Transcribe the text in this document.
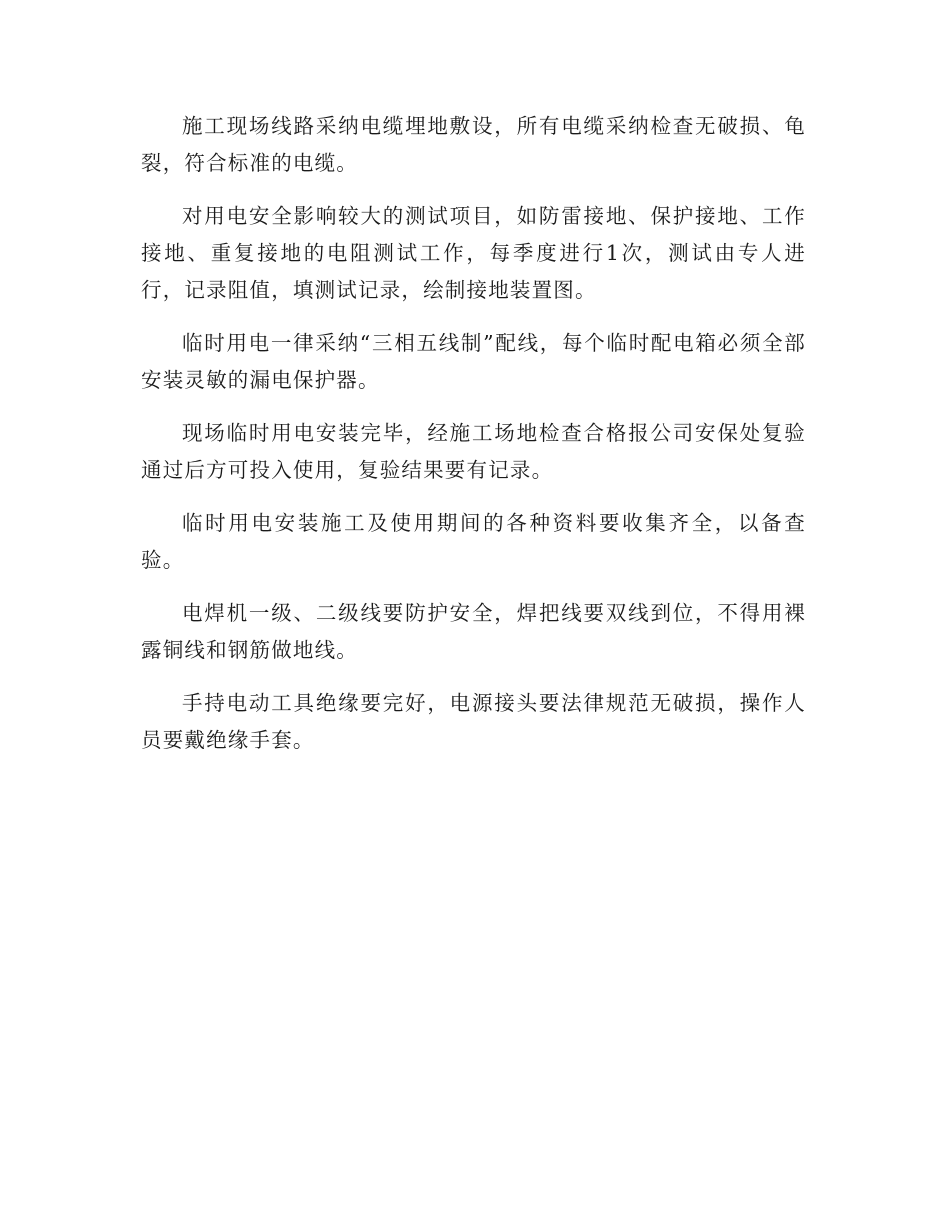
施工现场线路采纳电缆埋地敷设，所有电缆采纳检查无破损、龟裂，符合标准的电缆。

对用电安全影响较大的测试项目，如防雷接地、保护接地、工作接地、重复接地的电阻测试工作，每季度进行1次，测试由专人进行，记录阻值，填测试记录，绘制接地装置图。

临时用电一律采纳“三相五线制”配线，每个临时配电箱必须全部安装灵敏的漏电保护器。

现场临时用电安装完毕，经施工场地检查合格报公司安保处复验通过后方可投入使用，复验结果要有记录。

临时用电安装施工及使用期间的各种资料要收集齐全，以备查验。

电焊机一级、二级线要防护安全，焊把线要双线到位，不得用裸露铜线和钢筋做地线。

手持电动工具绝缘要完好，电源接头要法律规范无破损，操作人员要戴绝缘手套。
